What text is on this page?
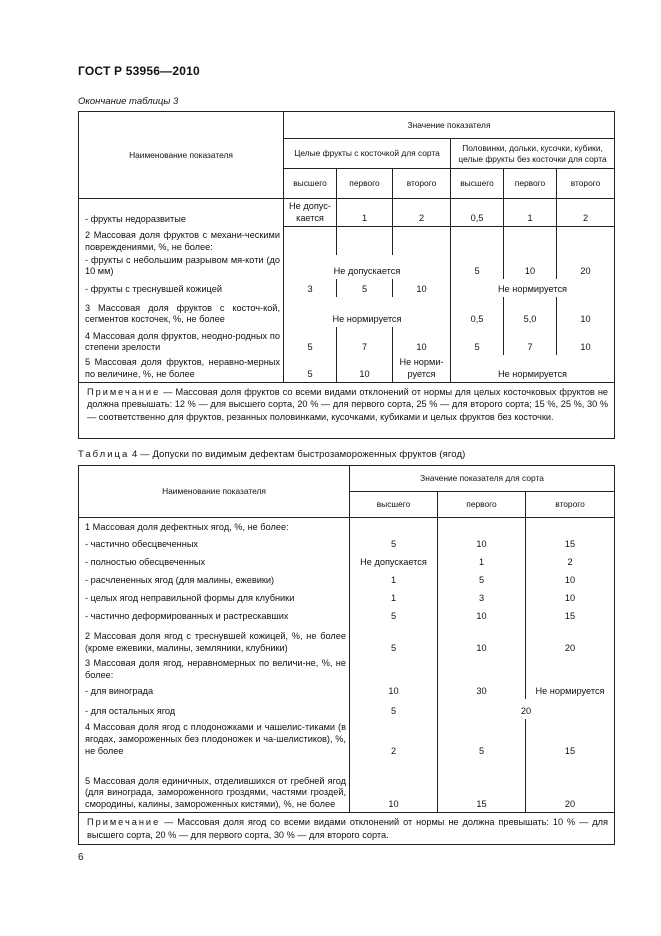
ГОСТ Р 53956—2010
Окончание таблицы 3
Наименование показателя	Значение показателя					
	Целые фрукты с косточкой для сорта			Половинки, дольки, кусочки, кубики, целые фрукты без косточки для сорта		
	высшего	первого	второго	высшего	первого	второго
- фрукты недоразвитые	Не допус-кается	1	2	0,5	1	2
2 Массовая доля фруктов с механи-ческими повреждениями, %, не более:						
- фрукты с небольшим разрывом мя-коти (до 10 мм)	Не допускается			5	10	20
- фрукты с треснувшей кожицей	3	5	10	Не нормируется		
3 Массовая доля фруктов с косточ-кой, сегментов косточек, %, не более	Не нормируется			0,5	5,0	10
4 Массовая доля фруктов, неодно-родных по степени зрелости	5	7	10	5	7	10
5 Массовая доля фруктов, неравно-мерных по величине, %, не более	5	10	Не норми-руется	Не нормируется		
Примечание — Массовая доля фруктов со всеми видами отклонений от нормы для целых косточковых фруктов не должна превышать: 12 % — для высшего сорта, 20 % — для первого сорта, 25 % — для второго сорта; 15 %, 25 %, 30 % — соответственно для фруктов, резанных половинками, кусочками, кубиками и целых фруктов без косточки.						
Таблица 4 — Допуски по видимым дефектам быстрозамороженных фруктов (ягод)
Наименование показателя	Значение показателя для сорта		
	высшего	первого	второго
1 Массовая доля дефектных ягод, %, не более:			
- частично обесцвеченных	5	10	15
- полностью обесцвеченных	Не допускается	1	2
- расчлененных ягод (для малины, ежевики)	1	5	10
- целых ягод неправильной формы для клубники	1	3	10
- частично деформированных и растрескавших	5	10	15
2 Массовая доля ягод с треснувшей кожицей, %, не более (кроме ежевики, малины, земляники, клубники)	5	10	20
3 Массовая доля ягод, неравномерных по величи-не, %, не более:			
- для винограда	10	30	Не нормируется
- для остальных ягод	5	20	
4 Массовая доля ягод с плодоножками и чашелис-тиками (в ягодах, замороженных без плодоножек и ча-шелистиков), %, не более	2	5	15
5 Массовая доля единичных, отделившихся от гребней ягод (для винограда, замороженного гроздями, частями гроздей, смородины, калины, замороженных кистями), %, не более	10	15	20
Примечание — Массовая доля ягод со всеми видами отклонений от нормы не должна превышать: 10 % — для высшего сорта, 20 % — для первого сорта, 30 % — для второго сорта.			
6
